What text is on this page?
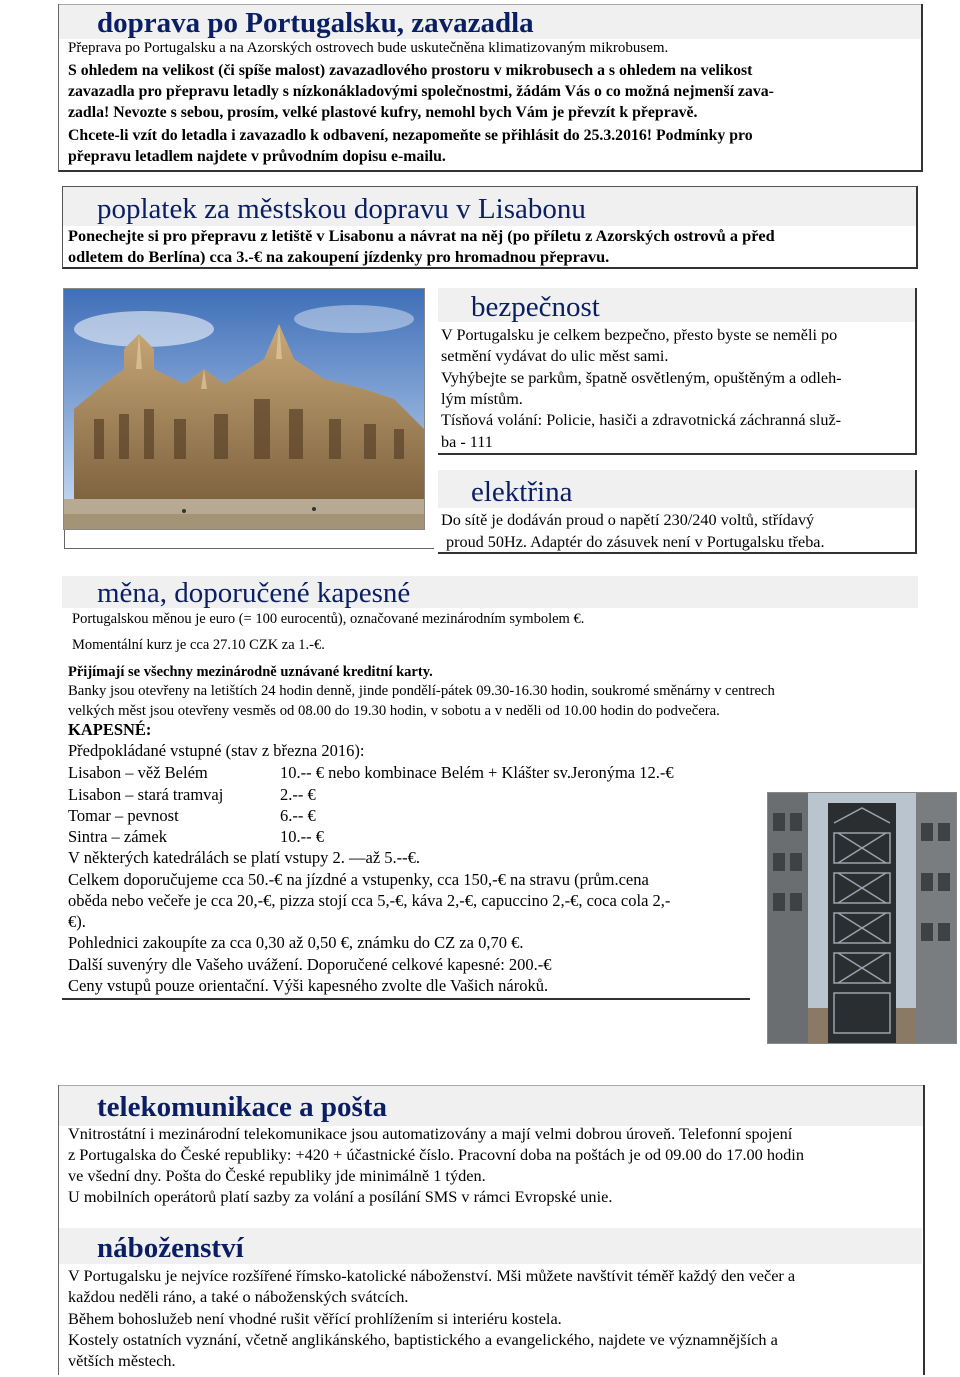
doprava po Portugalsku, zavazadla

Přeprava po Portugalsku a na Azorských ostrovech bude uskutečněna klimatizovaným mikrobusem.

S ohledem na velikost (či spíše malost) zavazadlového prostoru v mikrobusech a s ohledem na velikost

zavazadla pro přepravu letadly s nízkonákladovými společnostmi, žádám Vás o co možná nejmenší zava-

zadla! Nevozte s sebou, prosím, velké plastové kufry, nemohl bych Vám je převzít k přepravě.

Chcete-li vzít do letadla i zavazadlo k odbavení, nezapomeňte se přihlásit do 25.3.2016! Podmínky pro

přepravu letadlem najdete v průvodním dopisu e-mailu.

poplatek za městskou dopravu v Lisabonu

Ponechejte si pro přepravu z letiště v Lisabonu a návrat na něj (po příletu z Azorských ostrovů a před

odletem do Berlína) cca 3.-€ na zakoupení jízdenky pro hromadnou přepravu.

bezpečnost

V Portugalsku je celkem bezpečno, přesto byste se neměli po

setmění vydávat do ulic měst sami.

Vyhýbejte se parkům, špatně osvětleným, opuštěným a odleh-

lým místům.

Tísňová volání: Policie, hasiči a zdravotnická záchranná služ-

ba - 111

elektřina

Do sítě je dodáván proud o napětí 230/240 voltů, střídavý

proud 50Hz. Adaptér do zásuvek není v Portugalsku třeba.

měna, doporučené kapesné

Portugalskou měnou je euro (= 100 eurocentů), označované mezinárodním symbolem €.

Momentální kurz je cca 27.10 CZK za 1.-€.

Přijímají se všechny mezinárodně uznávané kreditní karty.

Banky jsou otevřeny na letištích 24 hodin denně, jinde pondělí-pátek 09.30-16.30 hodin, soukromé směnárny v centrech

velkých měst jsou otevřeny vesměs od 08.00 do 19.30 hodin, v sobotu a v neděli od 10.00 hodin do podvečera.

KAPESNÉ:

Předpokládané vstupné (stav z března 2016):

Lisabon – věž Belém	10.-- € nebo kombinace Belém + Klášter sv.Jeronýma 12.-€
Lisabon – stará tramvaj	2.-- €
Tomar – pevnost	6.-- €
Sintra – zámek	10.-- €

V některých katedrálách se platí vstupy 2. —až 5.--€.

Celkem doporučujeme cca 50.-€ na jízdné a vstupenky, cca 150,-€ na stravu (prům.cena

oběda nebo večeře je cca 20,-€, pizza stojí cca 5,-€, káva 2,-€, capuccino 2,-€, coca cola 2,-

€).

Pohlednici zakoupíte za cca 0,30 až 0,50 €, známku do CZ za 0,70 €.

Další suvenýry dle Vašeho uvážení. Doporučené celkové kapesné: 200.-€

Ceny vstupů pouze orientační. Výši kapesného zvolte dle Vašich nároků.

telekomunikace a pošta

Vnitrostátní i mezinárodní telekomunikace jsou automatizovány a mají velmi dobrou úroveň. Telefonní spojení

z Portugalska do České republiky: +420 + účastnické číslo. Pracovní doba na poštách je od 09.00 do 17.00 hodin

ve všední dny. Pošta do České republiky jde minimálně 1 týden.

U mobilních operátorů platí sazby za volání a posílání SMS v rámci Evropské unie.

náboženství

V Portugalsku je nejvíce rozšířené římsko-katolické náboženství. Mši můžete navštívit téměř každý den večer a

každou neděli ráno, a také o náboženských svátcích.

Během bohoslužeb není vhodné rušit věřící prohlížením si interiéru kostela.

Kostely ostatních vyznání, včetně anglikánského, baptistického a evangelického, najdete ve významnějších a

větších městech.
